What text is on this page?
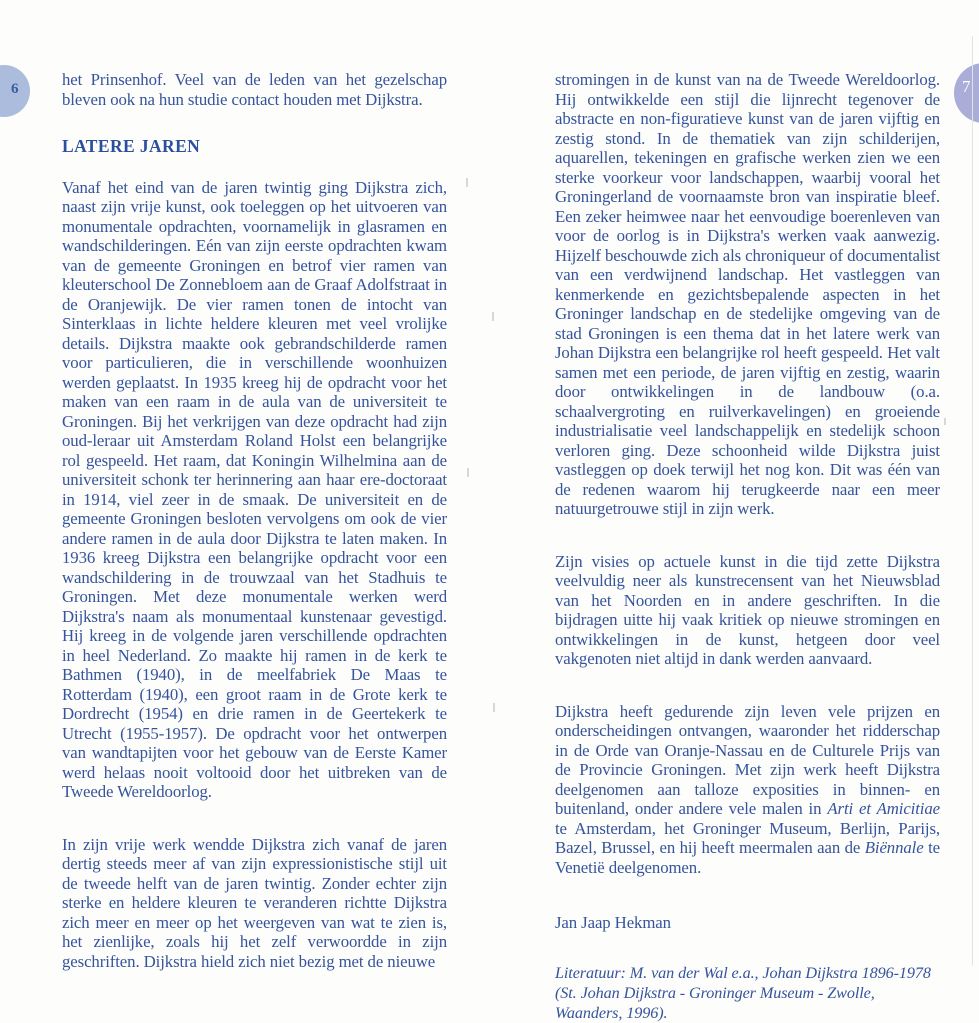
6	7

het Prinsenhof. Veel van de leden van het gezelschap bleven ook na hun studie contact houden met Dijkstra.

LATERE JAREN

Vanaf het eind van de jaren twintig ging Dijkstra zich, naast zijn vrije kunst, ook toeleggen op het uitvoeren van monumentale opdrachten, voornamelijk in glasramen en wandschilderingen. Eén van zijn eerste opdrachten kwam van de gemeente Groningen en betrof vier ramen van kleuterschool De Zonnebloem aan de Graaf Adolfstraat in de Oranjewijk. De vier ramen tonen de intocht van Sinterklaas in lichte heldere kleuren met veel vrolijke details. Dijkstra maakte ook gebrandschilderde ramen voor particulieren, die in verschillende woonhuizen werden geplaatst. In 1935 kreeg hij de opdracht voor het maken van een raam in de aula van de universiteit te Groningen. Bij het verkrijgen van deze opdracht had zijn oud-leraar uit Amsterdam Roland Holst een belangrijke rol gespeeld. Het raam, dat Koningin Wilhelmina aan de universiteit schonk ter herinnering aan haar ere-doctoraat in 1914, viel zeer in de smaak. De universiteit en de gemeente Groningen besloten vervolgens om ook de vier andere ramen in de aula door Dijkstra te laten maken. In 1936 kreeg Dijkstra een belangrijke opdracht voor een wandschildering in de trouwzaal van het Stadhuis te Groningen. Met deze monumentale werken werd Dijkstra's naam als monumentaal kunstenaar gevestigd. Hij kreeg in de volgende jaren verschillende opdrachten in heel Nederland. Zo maakte hij ramen in de kerk te Bathmen (1940), in de meelfabriek De Maas te Rotterdam (1940), een groot raam in de Grote kerk te Dordrecht (1954) en drie ramen in de Geertekerk te Utrecht (1955-1957). De opdracht voor het ontwerpen van wandtapijten voor het gebouw van de Eerste Kamer werd helaas nooit voltooid door het uitbreken van de Tweede Wereldoorlog.

In zijn vrije werk wendde Dijkstra zich vanaf de jaren dertig steeds meer af van zijn expressionistische stijl uit de tweede helft van de jaren twintig. Zonder echter zijn sterke en heldere kleuren te veranderen richtte Dijkstra zich meer en meer op het weergeven van wat te zien is, het zienlijke, zoals hij het zelf verwoordde in zijn geschriften. Dijkstra hield zich niet bezig met de nieuwe

stromingen in de kunst van na de Tweede Wereldoorlog. Hij ontwikkelde een stijl die lijnrecht tegenover de abstracte en non-figuratieve kunst van de jaren vijftig en zestig stond. In de thematiek van zijn schilderijen, aquarellen, tekeningen en grafische werken zien we een sterke voorkeur voor landschappen, waarbij vooral het Groningerland de voornaamste bron van inspiratie bleef. Een zeker heimwee naar het eenvoudige boerenleven van voor de oorlog is in Dijkstra's werken vaak aanwezig. Hijzelf beschouwde zich als chroniqueur of documentalist van een verdwijnend landschap. Het vastleggen van kenmerkende en gezichtsbepalende aspecten in het Groninger landschap en de stedelijke omgeving van de stad Groningen is een thema dat in het latere werk van Johan Dijkstra een belangrijke rol heeft gespeeld. Het valt samen met een periode, de jaren vijftig en zestig, waarin door ontwikkelingen in de landbouw (o.a. schaalvergroting en ruilverkavelingen) en groeiende industrialisatie veel landschappelijk en stedelijk schoon verloren ging. Deze schoonheid wilde Dijkstra juist vastleggen op doek terwijl het nog kon. Dit was één van de redenen waarom hij terugkeerde naar een meer natuurgetrouwe stijl in zijn werk.

Zijn visies op actuele kunst in die tijd zette Dijkstra veelvuldig neer als kunstrecensent van het Nieuwsblad van het Noorden en in andere geschriften. In die bijdragen uitte hij vaak kritiek op nieuwe stromingen en ontwikkelingen in de kunst, hetgeen door veel vakgenoten niet altijd in dank werden aanvaard.

Dijkstra heeft gedurende zijn leven vele prijzen en onderscheidingen ontvangen, waaronder het ridderschap in de Orde van Oranje-Nassau en de Culturele Prijs van de Provincie Groningen. Met zijn werk heeft Dijkstra deelgenomen aan talloze exposities in binnen- en buitenland, onder andere vele malen in Arti et Amicitiae te Amsterdam, het Groninger Museum, Berlijn, Parijs, Bazel, Brussel, en hij heeft meermalen aan de Biënnale te Venetië deelgenomen.

Jan Jaap Hekman

Literatuur: M. van der Wal e.a., Johan Dijkstra 1896-1978
(St. Johan Dijkstra - Groninger Museum - Zwolle, Waanders, 1996).
